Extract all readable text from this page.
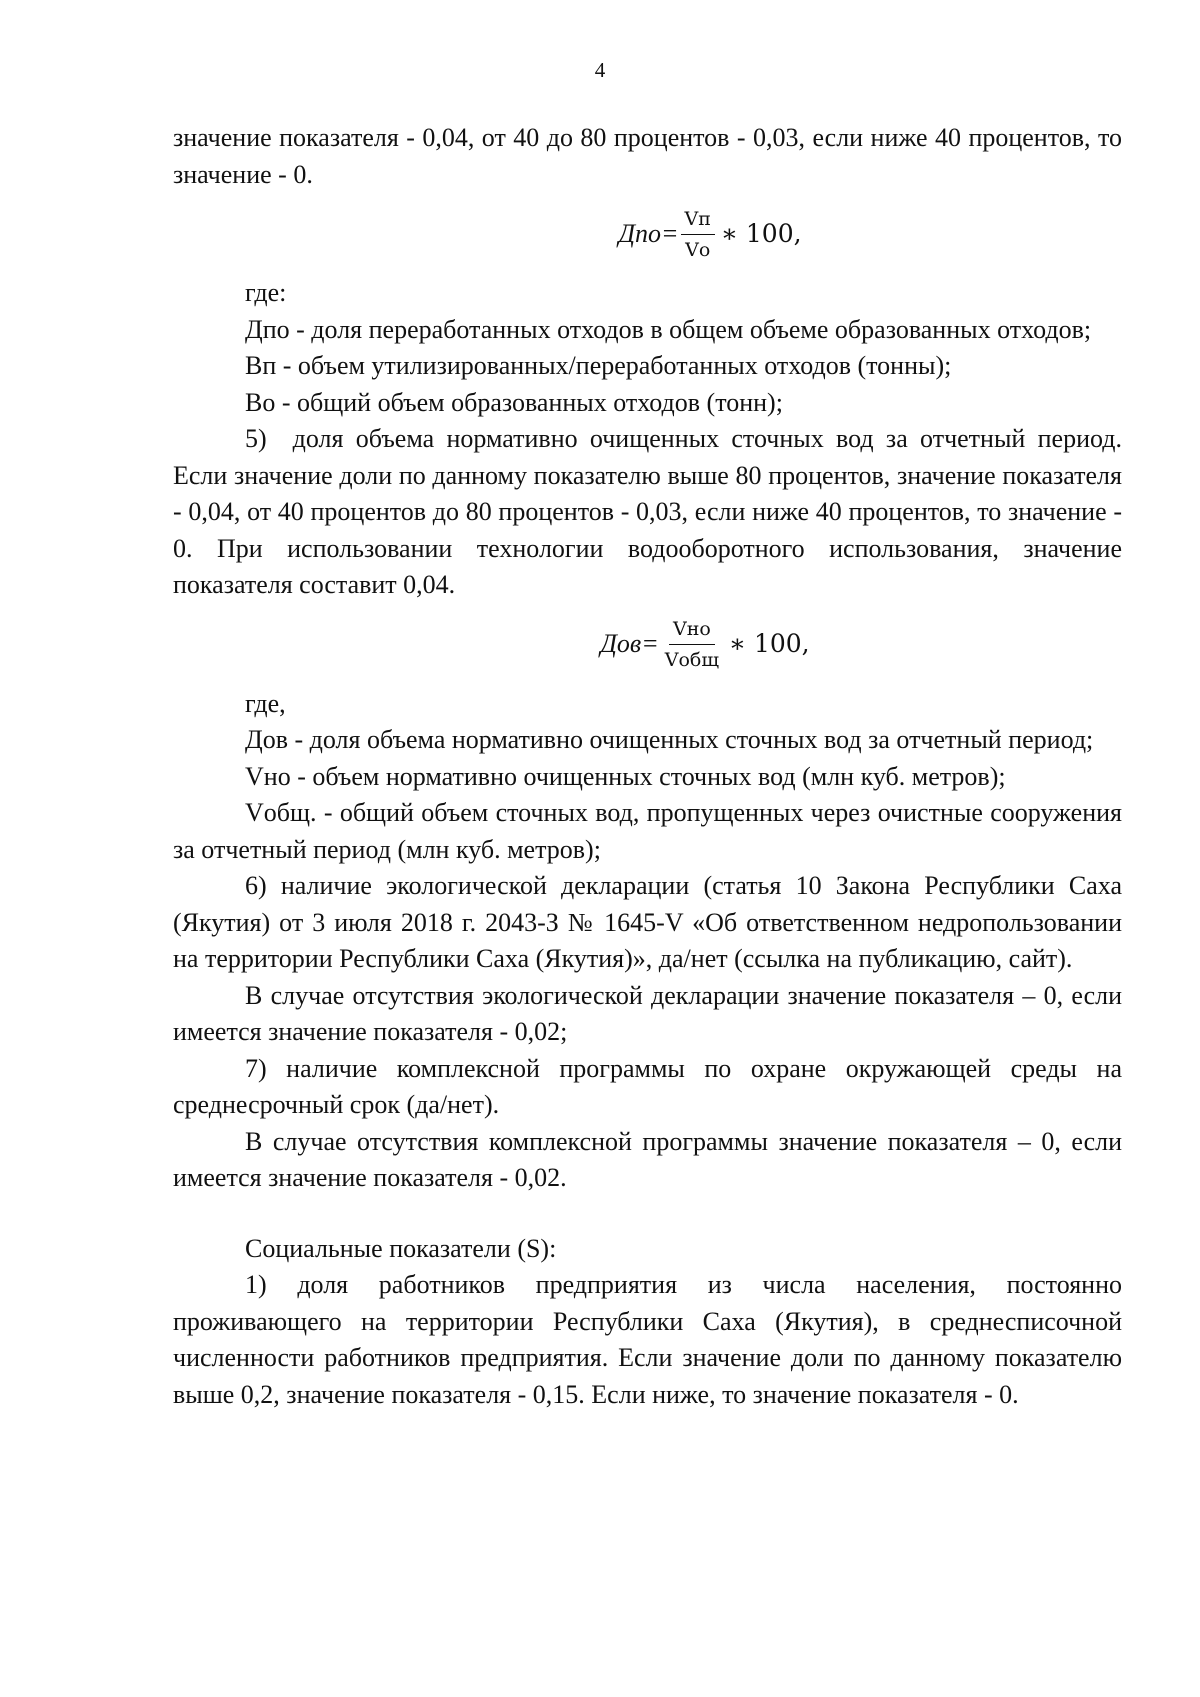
4

значение показателя - 0,04, от 40 до 80 процентов - 0,03, если ниже 40 процентов, то значение - 0.

$Дпо= \frac{Vп}{Vо}$ ∗ 100,

где:

Дпо - доля переработанных отходов в общем объеме образованных отходов;

Вп - объем утилизированных/переработанных отходов (тонны);

Во - общий объем образованных отходов (тонн);

5) доля объема нормативно очищенных сточных вод за отчетный период. Если значение доли по данному показателю выше 80 процентов, значение показателя - 0,04, от 40 процентов до 80 процентов - 0,03, если ниже 40 процентов, то значение - 0. При использовании технологии водооборотного использования, значение показателя составит 0,04.

$Дов= \frac{\text{Vно}}{\text{Vобщ}}$ ∗ 100,

где,

Дов - доля объема нормативно очищенных сточных вод за отчетный период;

Vно - объем нормативно очищенных сточных вод (млн куб. метров);

Vобщ. - общий объем сточных вод, пропущенных через очистные сооружения за отчетный период (млн куб. метров);

6) наличие экологической декларации (статья 10 Закона Республики Саха (Якутия) от 3 июля 2018 г. 2043-З № 1645-V «Об ответственном недропользовании на территории Республики Саха (Якутия)», да/нет (ссылка на публикацию, сайт).

В случае отсутствия экологической декларации значение показателя – 0, если имеется значение показателя - 0,02;

7) наличие комплексной программы по охране окружающей среды на среднесрочный срок (да/нет).

В случае отсутствия комплексной программы значение показателя – 0, если имеется значение показателя - 0,02.

Социальные показатели (S):

1) доля работников предприятия из числа населения, постоянно проживающего на территории Республики Саха (Якутия), в среднесписочной численности работников предприятия. Если значение доли по данному показателю выше 0,2, значение показателя - 0,15. Если ниже, то значение показателя - 0.
